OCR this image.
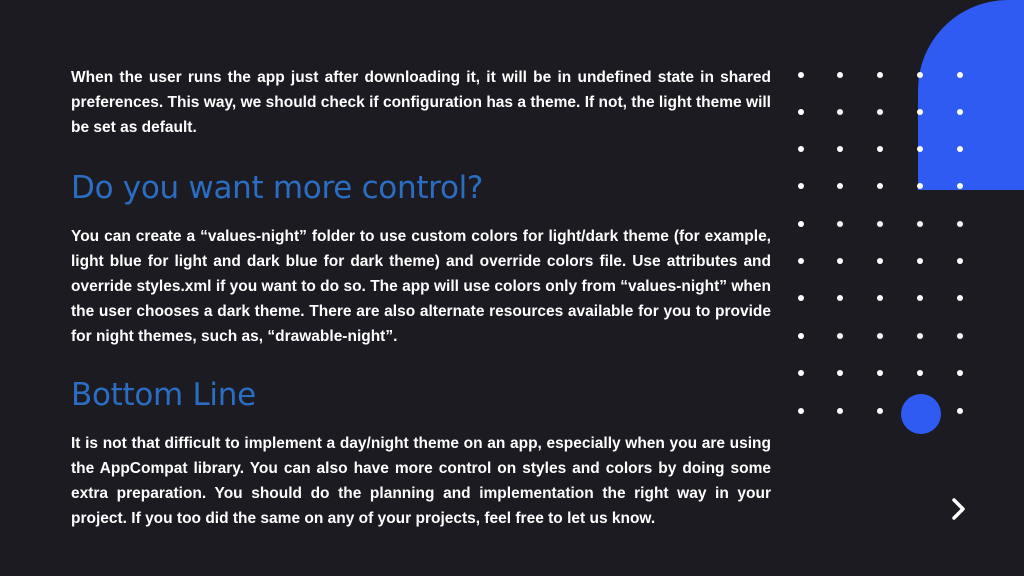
When the user runs the app just after downloading it, it will be in undefined state in shared preferences. This way, we should check if configuration has a theme. If not, the light theme will be set as default.

Do you want more control?

You can create a “values-night” folder to use custom colors for light/dark theme (for example, light blue for light and dark blue for dark theme) and override colors file. Use attributes and override styles.xml if you want to do so. The app will use colors only from “values-night” when the user chooses a dark theme. There are also alternate resources available for you to provide for night themes, such as, “drawable-night”.

Bottom Line

It is not that difficult to implement a day/night theme on an app, especially when you are using the AppCompat library. You can also have more control on styles and colors by doing some extra preparation. You should do the planning and implementation the right way in your project. If you too did the same on any of your projects, feel free to let us know.
